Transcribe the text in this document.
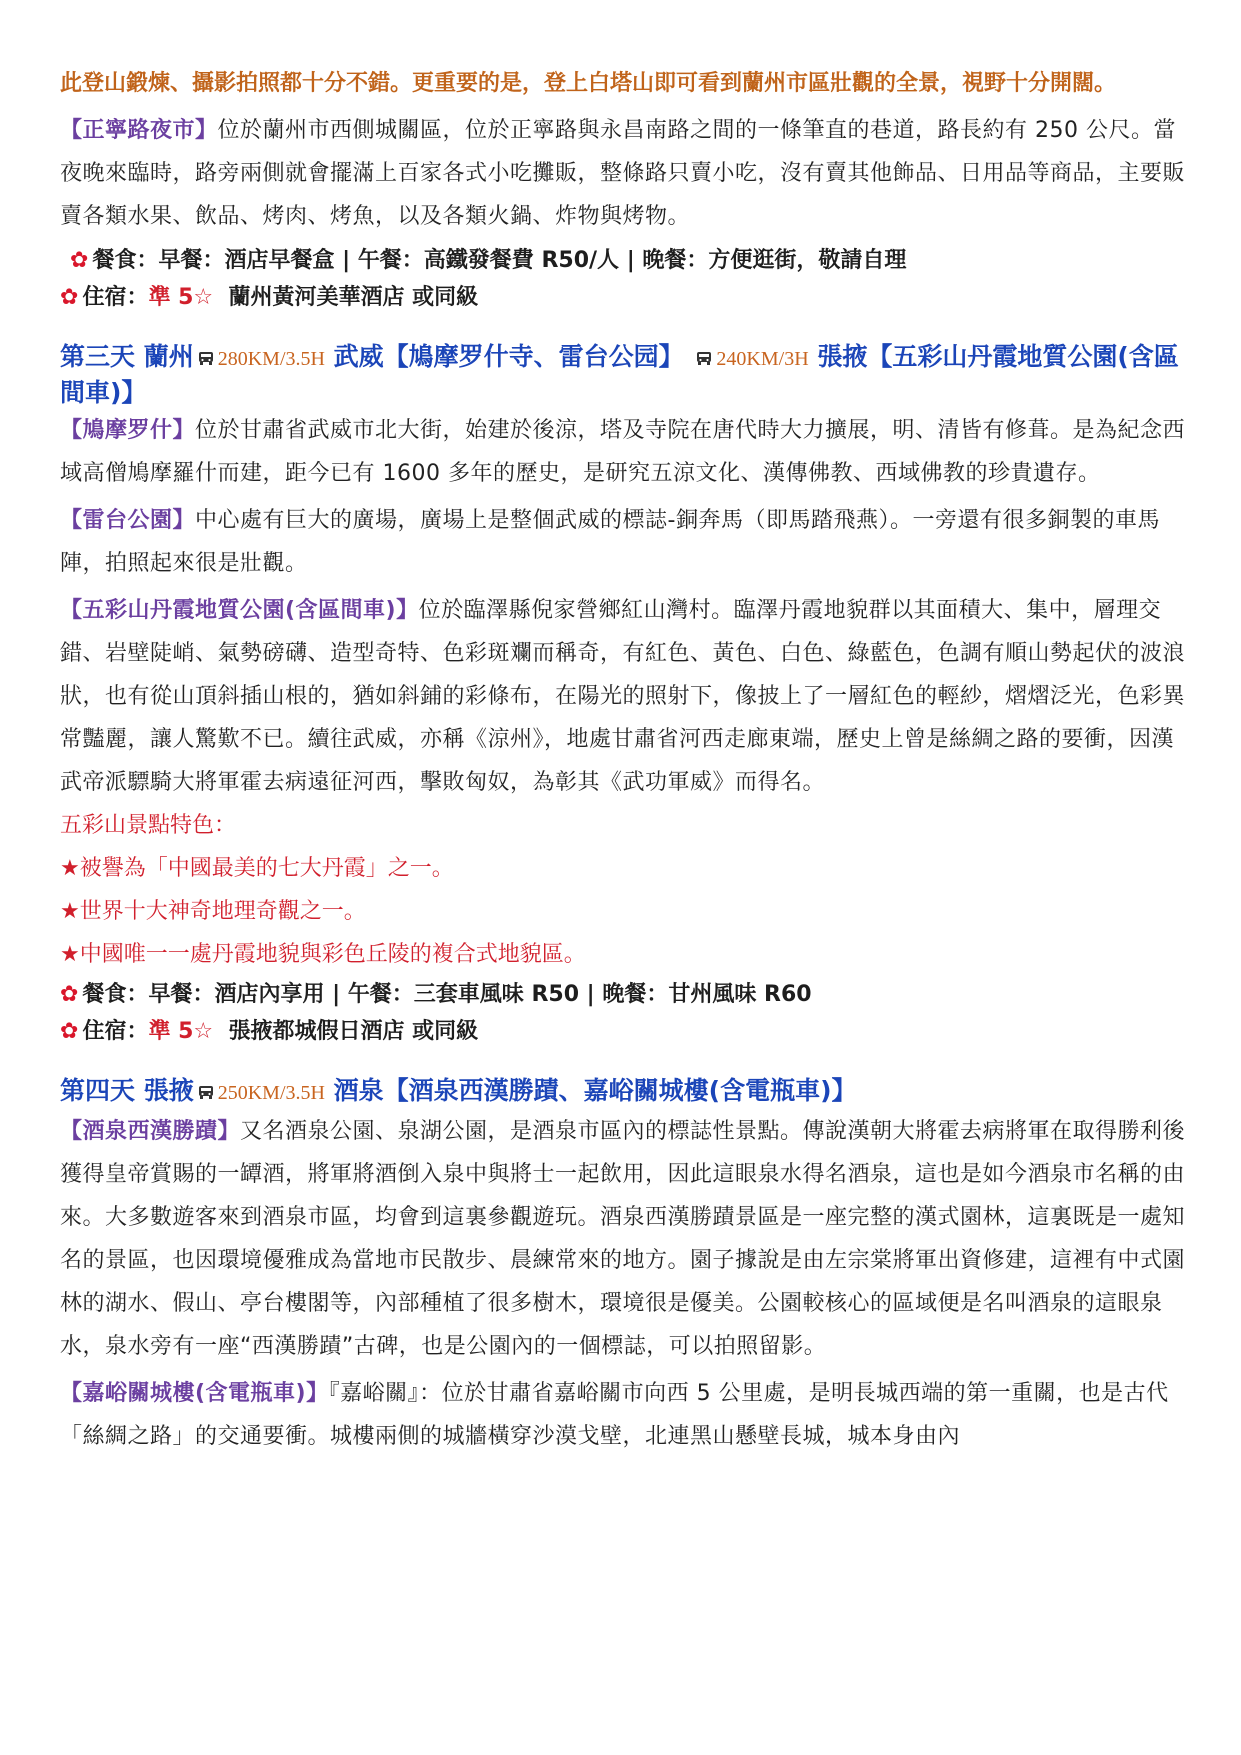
此登山鍛煉、攝影拍照都十分不錯。更重要的是，登上白塔山即可看到蘭州市區壯觀的全景，視野十分開闊。

【正寧路夜市】位於蘭州市西側城關區，位於正寧路與永昌南路之間的一條筆直的巷道，路長約有 250 公尺。當夜晚來臨時，路旁兩側就會擺滿上百家各式小吃攤販，整條路只賣小吃，沒有賣其他飾品、日用品等商品，主要販賣各類水果、飲品、烤肉、烤魚，以及各類火鍋、炸物與烤物。

✿ 餐食：早餐：酒店早餐盒 | 午餐：高鐵發餐費 R50/人 | 晚餐：方便逛街，敬請自理

✿ 住宿：準 5☆ 蘭州黃河美華酒店 或同級

第三天 蘭州 280KM/3.5H 武威【鳩摩罗什寺、雷台公园】 240KM/3H 張掖【五彩山丹霞地質公園(含區間車)】

【鳩摩罗什】位於甘肅省武威市北大街，始建於後涼，塔及寺院在唐代時大力擴展，明、清皆有修葺。是為紀念西域高僧鳩摩羅什而建，距今已有 1600 多年的歷史，是研究五涼文化、漢傳佛教、西域佛教的珍貴遺存。

【雷台公園】中心處有巨大的廣場，廣場上是整個武威的標誌-銅奔馬（即馬踏飛燕）。一旁還有很多銅製的車馬陣，拍照起來很是壯觀。

【五彩山丹霞地質公園(含區間車)】位於臨澤縣倪家營鄉紅山灣村。臨澤丹霞地貌群以其面積大、集中，層理交錯、岩壁陡峭、氣勢磅礴、造型奇特、色彩斑斕而稱奇，有紅色、黃色、白色、綠藍色，色調有順山勢起伏的波浪狀，也有從山頂斜插山根的，猶如斜鋪的彩條布，在陽光的照射下，像披上了一層紅色的輕紗，熠熠泛光，色彩異常豔麗，讓人驚歎不已。續往武威，亦稱《涼州》，地處甘肅省河西走廊東端，歷史上曾是絲綢之路的要衝，因漢武帝派驃騎大將軍霍去病遠征河西，擊敗匈奴，為彰其《武功軍威》而得名。

五彩山景點特色：

★被譽為「中國最美的七大丹霞」之一。

★世界十大神奇地理奇觀之一。

★中國唯一一處丹霞地貌與彩色丘陵的複合式地貌區。

✿ 餐食：早餐：酒店內享用 | 午餐：三套車風味 R50 | 晚餐：甘州風味 R60

✿ 住宿：準 5☆ 張掖都城假日酒店 或同級

第四天 張掖 250KM/3.5H 酒泉【酒泉西漢勝蹟、嘉峪關城樓(含電瓶車)】

【酒泉西漢勝蹟】又名酒泉公園、泉湖公園，是酒泉市區內的標誌性景點。傳說漢朝大將霍去病將軍在取得勝利後獲得皇帝賞賜的一罈酒，將軍將酒倒入泉中與將士一起飲用，因此這眼泉水得名酒泉，這也是如今酒泉市名稱的由來。大多數遊客來到酒泉市區，均會到這裏參觀遊玩。酒泉西漢勝蹟景區是一座完整的漢式園林，這裏既是一處知名的景區，也因環境優雅成為當地市民散步、晨練常來的地方。園子據說是由左宗棠將軍出資修建，這裡有中式園林的湖水、假山、亭台樓閣等，內部種植了很多樹木，環境很是優美。公園較核心的區域便是名叫酒泉的這眼泉水，泉水旁有一座“西漢勝蹟”古碑，也是公園內的一個標誌，可以拍照留影。

【嘉峪關城樓(含電瓶車)】『嘉峪關』：位於甘肅省嘉峪關市向西 5 公里處，是明長城西端的第一重關，也是古代「絲綢之路」的交通要衝。城樓兩側的城牆橫穿沙漠戈壁，北連黑山懸壁長城，城本身由內
